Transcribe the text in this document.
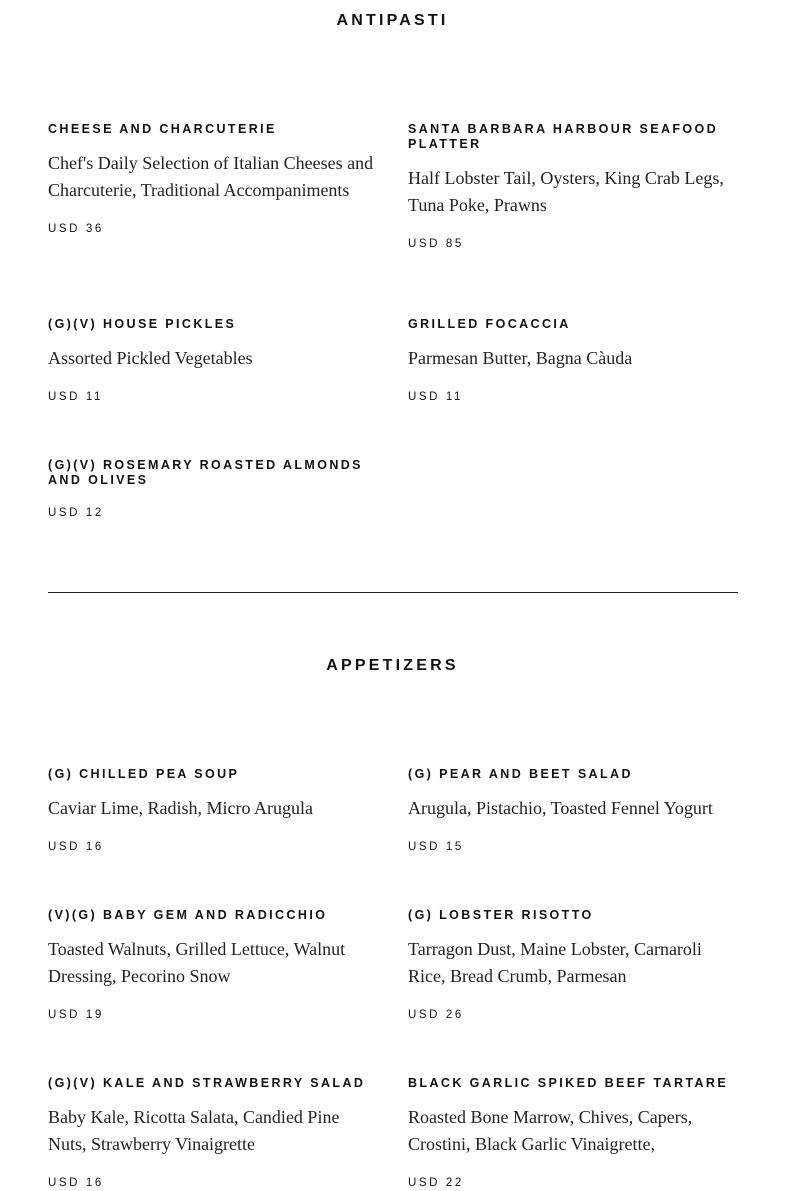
ANTIPASTI

CHEESE AND CHARCUTERIE

Chef's Daily Selection of Italian Cheeses and Charcuterie, Traditional Accompaniments

USD 36

SANTA BARBARA HARBOUR SEAFOOD PLATTER

Half Lobster Tail, Oysters, King Crab Legs, Tuna Poke, Prawns

USD 85

(G)(V) HOUSE PICKLES

Assorted Pickled Vegetables

USD 11

GRILLED FOCACCIA

Parmesan Butter, Bagna Càuda

USD 11

(G)(V) ROSEMARY ROASTED ALMONDS AND OLIVES

USD 12

APPETIZERS

(G) CHILLED PEA SOUP

Caviar Lime, Radish, Micro Arugula

USD 16

(G) PEAR AND BEET SALAD

Arugula, Pistachio, Toasted Fennel Yogurt

USD 15

(V)(G) BABY GEM AND RADICCHIO

Toasted Walnuts, Grilled Lettuce, Walnut Dressing, Pecorino Snow

USD 19

(G) LOBSTER RISOTTO

Tarragon Dust, Maine Lobster, Carnaroli Rice, Bread Crumb, Parmesan

USD 26

(G)(V) KALE AND STRAWBERRY SALAD

Baby Kale, Ricotta Salata, Candied Pine Nuts, Strawberry Vinaigrette

USD 16

BLACK GARLIC SPIKED BEEF TARTARE

Roasted Bone Marrow, Chives, Capers, Crostini, Black Garlic Vinaigrette,

USD 22
